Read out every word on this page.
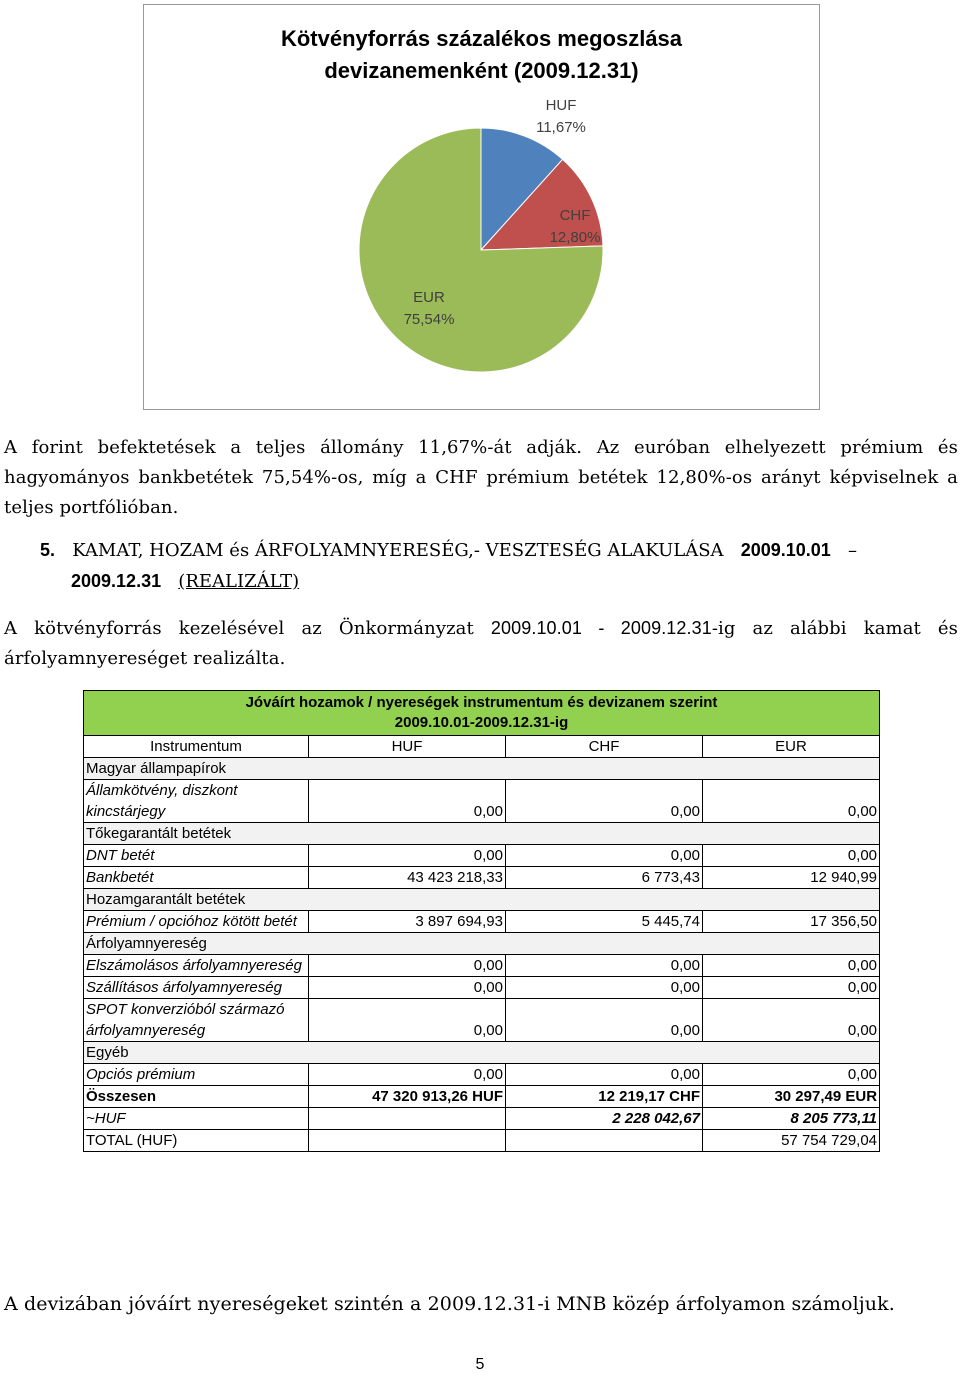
Kötvényforrás százalékos megoszlása
devizanemenként (2009.12.31)
HUF
11,67%
CHF
12,80%
EUR
75,54%
A forint befektetések a teljes állomány 11,67%-át adják. Az euróban elhelyezett prémium és hagyományos bankbetétek 75,54%-os, míg a CHF prémium betétek 12,80%-os arányt képviselnek a teljes portfólióban.
5. KAMAT, HOZAM és ÁRFOLYAMNYERESÉG,- VESZTESÉG ALAKULÁSA 2009.10.01 –
2009.12.31 (REALIZÁLT)
A kötvényforrás kezelésével az Önkormányzat 2009.10.01 - 2009.12.31-ig az alábbi kamat és árfolyamnyereséget realizálta.
Jóváírt hozamok / nyereségek instrumentum és devizanem szerint
2009.10.01-2009.12.31-ig			

Instrumentum	HUF	CHF	EUR
Magyar állampapírok			
Államkötvény, diszkont kincstárjegy	0,00	0,00	0,00
Tőkegarantált betétek			
DNT betét	0,00	0,00	0,00
Bankbetét	43 423 218,33	6 773,43	12 940,99
Hozamgarantált betétek			
Prémium / opcióhoz kötött betét	3 897 694,93	5 445,74	17 356,50
Árfolyamnyereség			
Elszámolásos árfolyamnyereség	0,00	0,00	0,00
Szállításos árfolyamnyereség	0,00	0,00	0,00
SPOT konverzióból származó árfolyamnyereség	0,00	0,00	0,00
Egyéb			
Opciós prémium	0,00	0,00	0,00
Összesen	47 320 913,26 HUF	12 219,17 CHF	30 297,49 EUR
~HUF		2 228 042,67	8 205 773,11
TOTAL (HUF)			57 754 729,04
A devizában jóváírt nyereségeket szintén a 2009.12.31-i MNB közép árfolyamon számoljuk.
5
